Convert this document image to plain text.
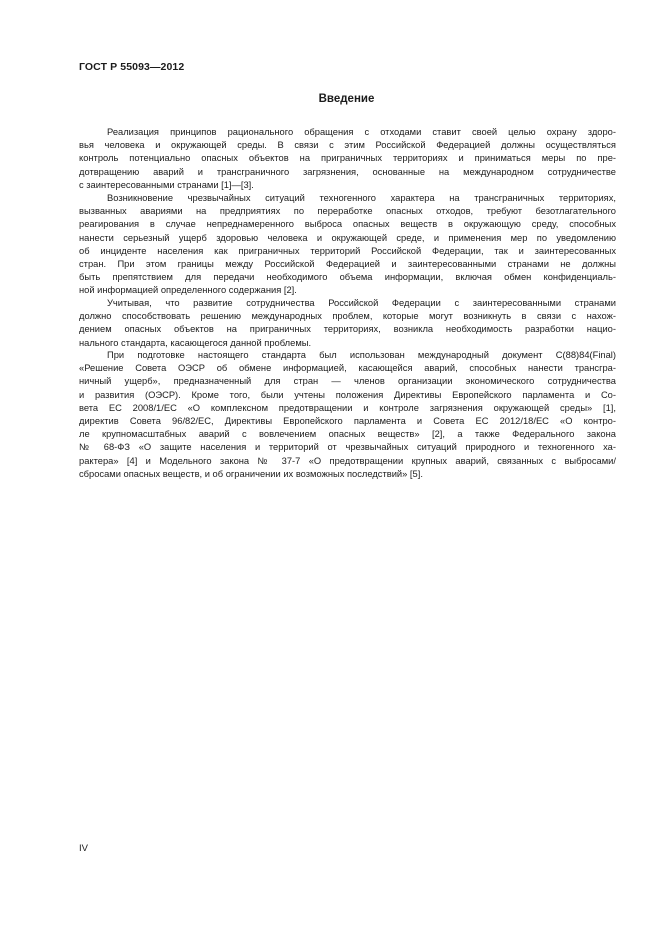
ГОСТ Р 55093—2012
Введение

Реализация принципов рационального обращения с отходами ставит своей целью охрану здоро-
вья человека и окружающей среды. В связи с этим Российской Федерацией должны осуществляться
контроль потенциально опасных объектов на приграничных территориях и приниматься меры по пре-
дотвращению аварий и трансграничного загрязнения, основанные на международном сотрудничестве
с заинтересованными странами [1]—[3].

Возникновение чрезвычайных ситуаций техногенного характера на трансграничных территориях,
вызванных авариями на предприятиях по переработке опасных отходов, требуют безотлагательного
реагирования в случае непреднамеренного выброса опасных веществ в окружающую среду, способных
нанести серьезный ущерб здоровью человека и окружающей среде, и применения мер по уведомлению
об инциденте населения как приграничных территорий Российской Федерации, так и заинтересованных
стран. При этом границы между Российской Федерацией и заинтересованными странами не должны
быть препятствием для передачи необходимого объема информации, включая обмен конфиденциаль-
ной информацией определенного содержания [2].

Учитывая, что развитие сотрудничества Российской Федерации с заинтересованными странами
должно способствовать решению международных проблем, которые могут возникнуть в связи с нахож-
дением опасных объектов на приграничных территориях, возникла необходимость разработки нацио-
нального стандарта, касающегося данной проблемы.

При подготовке настоящего стандарта был использован международный документ C(88)84(Final)
«Решение Совета ОЭСР об обмене информацией, касающейся аварий, способных нанести трансгра-
ничный ущерб», предназначенный для стран — членов организации экономического сотрудничества
и развития (ОЭСР). Кроме того, были учтены положения Директивы Европейского парламента и Со-
вета ЕС 2008/1/ЕС «О комплексном предотвращении и контроле загрязнения окружающей среды» [1],
директив Совета 96/82/ЕС, Директивы Европейского парламента и Совета ЕС 2012/18/ЕС «О контро-
ле крупномасштабных аварий с вовлечением опасных веществ» [2], а также Федерального закона
№ 68-ФЗ «О защите населения и территорий от чрезвычайных ситуаций природного и техногенного ха-
рактера» [4] и Модельного закона № 37-7 «О предотвращении крупных аварий, связанных с выбросами/
сбросами опасных веществ, и об ограничении их возможных последствий» [5].

IV
